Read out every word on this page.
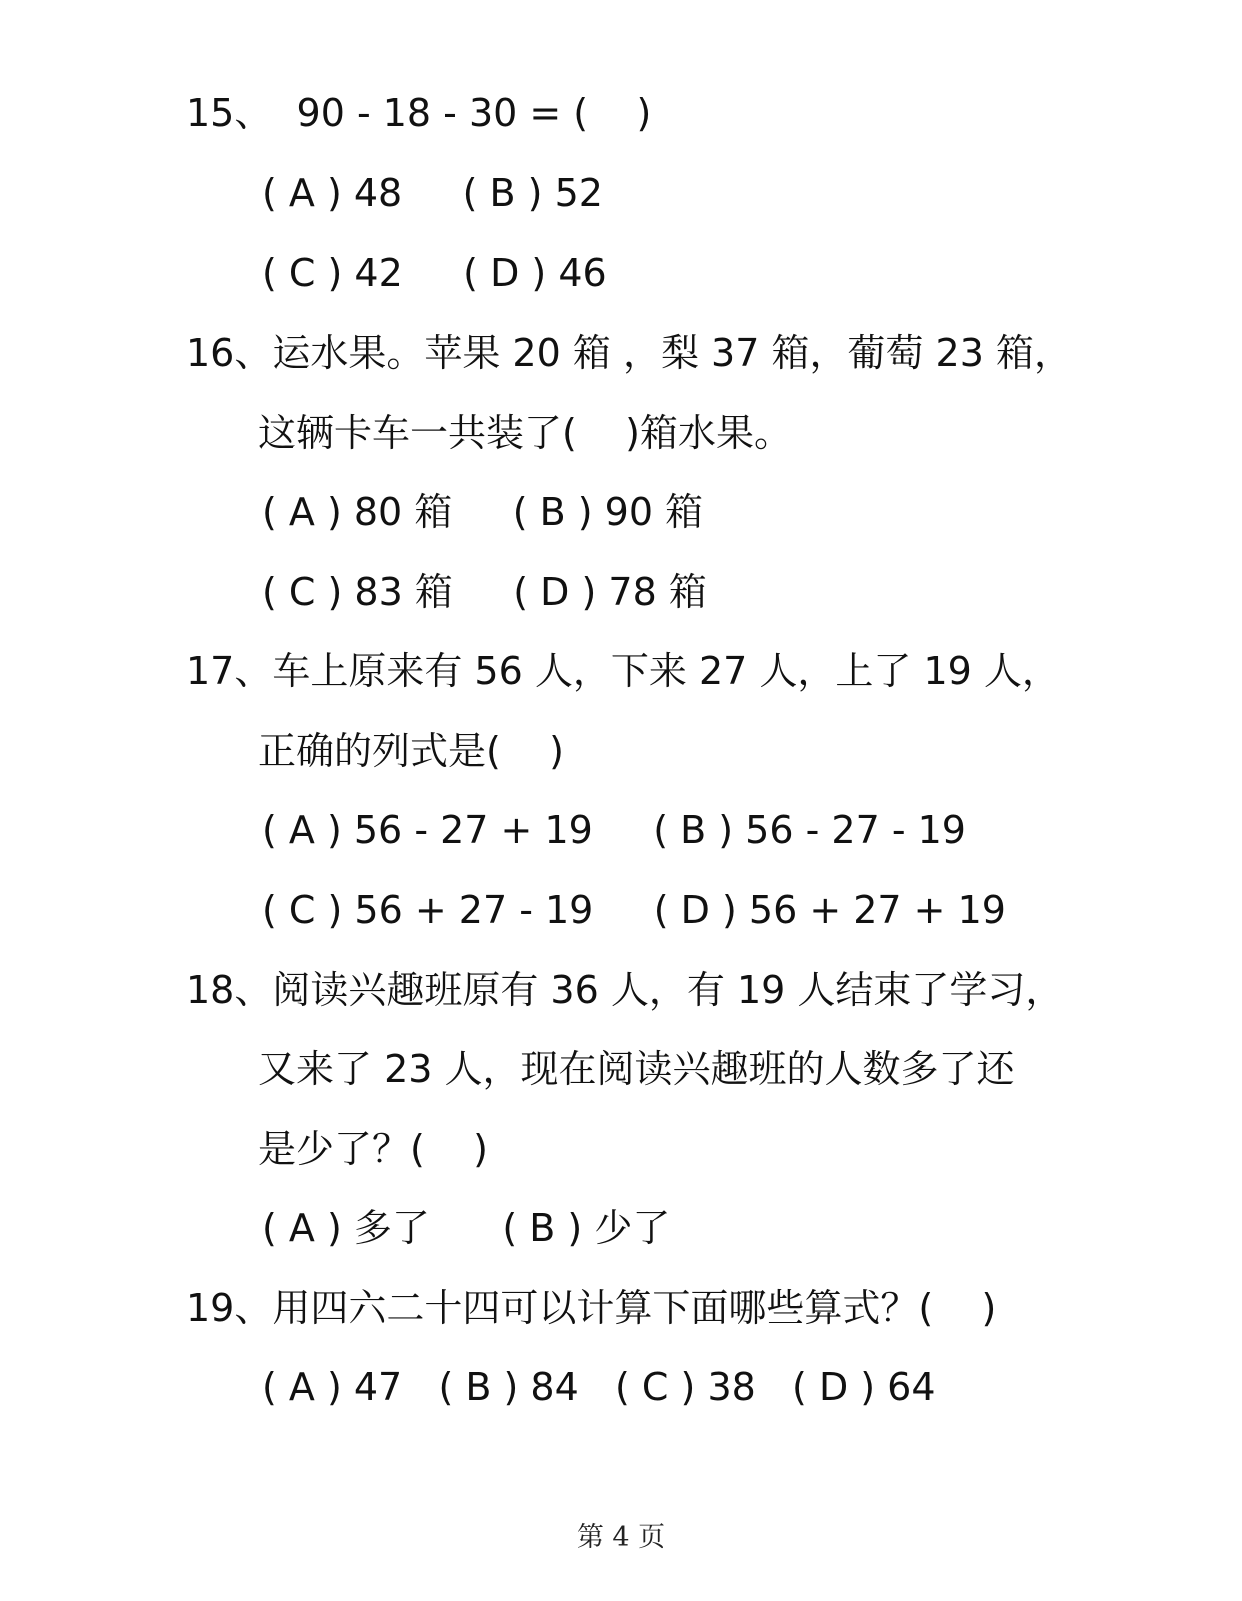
15、  90 - 18 - 30 = (    )
( A ) 48     ( B ) 52
( C ) 42     ( D ) 46
16、运水果。苹果 20 箱 ，梨 37 箱，葡萄 23 箱，
这辆卡车一共装了(    )箱水果。
( A ) 80 箱     ( B ) 90 箱
( C ) 83 箱     ( D ) 78 箱
17、车上原来有 56 人，下来 27 人，上了 19 人，
正确的列式是(    )
( A ) 56 - 27 + 19     ( B ) 56 - 27 - 19
( C ) 56 + 27 - 19     ( D ) 56 + 27 + 19
18、阅读兴趣班原有 36 人，有 19 人结束了学习，
又来了 23 人，现在阅读兴趣班的人数多了还
是少了？(    )
( A ) 多了      ( B ) 少了
19、用四六二十四可以计算下面哪些算式？(    )
( A ) 47   ( B ) 84   ( C ) 38   ( D ) 64
第 4 页
